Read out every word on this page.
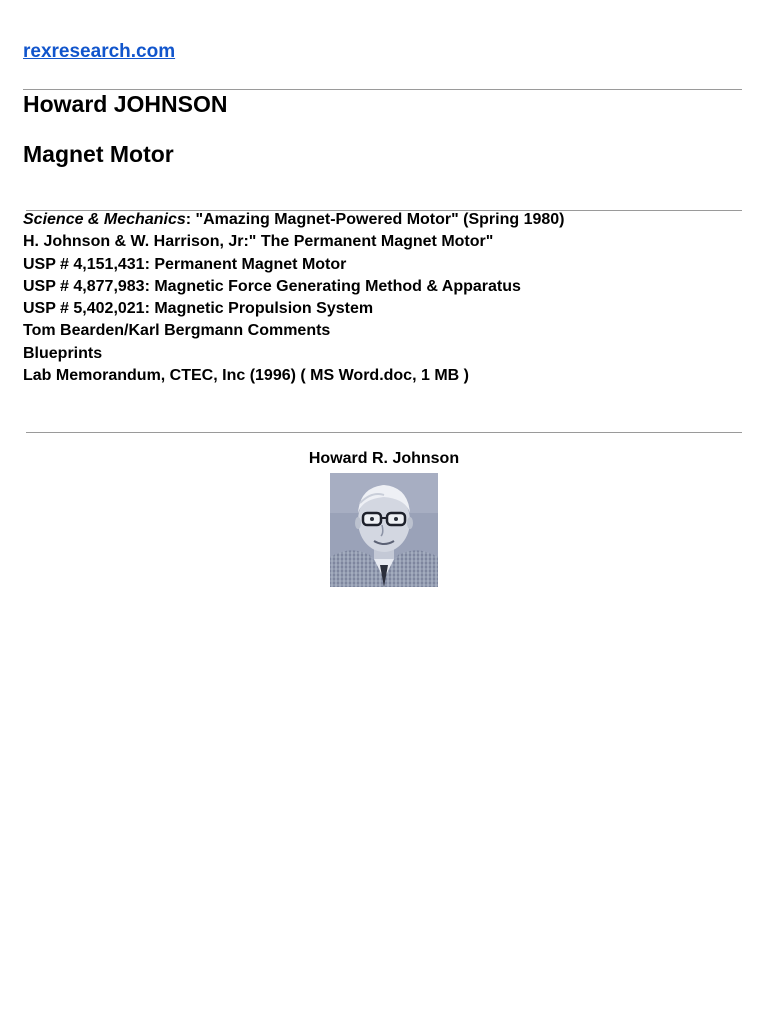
rexresearch.com
Howard JOHNSON
Magnet Motor
Science & Mechanics: "Amazing Magnet-Powered Motor" (Spring 1980)
H. Johnson & W. Harrison, Jr:" The Permanent Magnet Motor"
USP # 4,151,431: Permanent Magnet Motor
USP # 4,877,983: Magnetic Force Generating Method & Apparatus
USP # 5,402,021: Magnetic Propulsion System
Tom Bearden/Karl Bergmann Comments
Blueprints
Lab Memorandum, CTEC, Inc (1996) ( MS Word.doc, 1 MB )
Howard R. Johnson
